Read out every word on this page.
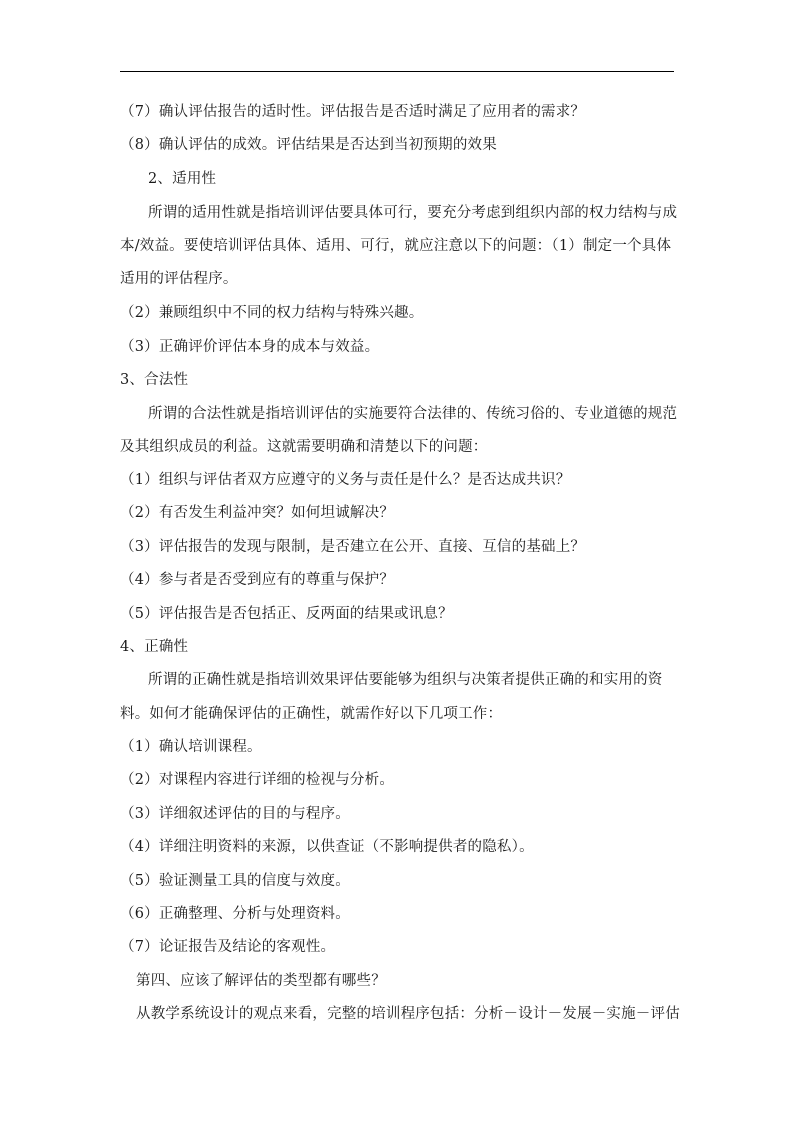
（7）确认评估报告的适时性。评估报告是否适时满足了应用者的需求？
（8）确认评估的成效。评估结果是否达到当初预期的效果
2、适用性
所谓的适用性就是指培训评估要具体可行，要充分考虑到组织内部的权力结构与成
本/效益。要使培训评估具体、适用、可行，就应注意以下的问题：（1）制定一个具体
适用的评估程序。
（2）兼顾组织中不同的权力结构与特殊兴趣。
（3）正确评价评估本身的成本与效益。
3、合法性
所谓的合法性就是指培训评估的实施要符合法律的、传统习俗的、专业道德的规范
及其组织成员的利益。这就需要明确和清楚以下的问题：
（1）组织与评估者双方应遵守的义务与责任是什么？是否达成共识？
（2）有否发生利益冲突？如何坦诚解决？
（3）评估报告的发现与限制，是否建立在公开、直接、互信的基础上？
（4）参与者是否受到应有的尊重与保护？
（5）评估报告是否包括正、反两面的结果或讯息？
4、正确性
所谓的正确性就是指培训效果评估要能够为组织与决策者提供正确的和实用的资
料。如何才能确保评估的正确性，就需作好以下几项工作：
（1）确认培训课程。
（2）对课程内容进行详细的检视与分析。
（3）详细叙述评估的目的与程序。
（4）详细注明资料的来源，以供查证（不影响提供者的隐私）。
（5）验证测量工具的信度与效度。
（6）正确整理、分析与处理资料。
（7）论证报告及结论的客观性。
第四、应该了解评估的类型都有哪些？
从教学系统设计的观点来看，完整的培训程序包括：分析－设计－发展－实施－评估
